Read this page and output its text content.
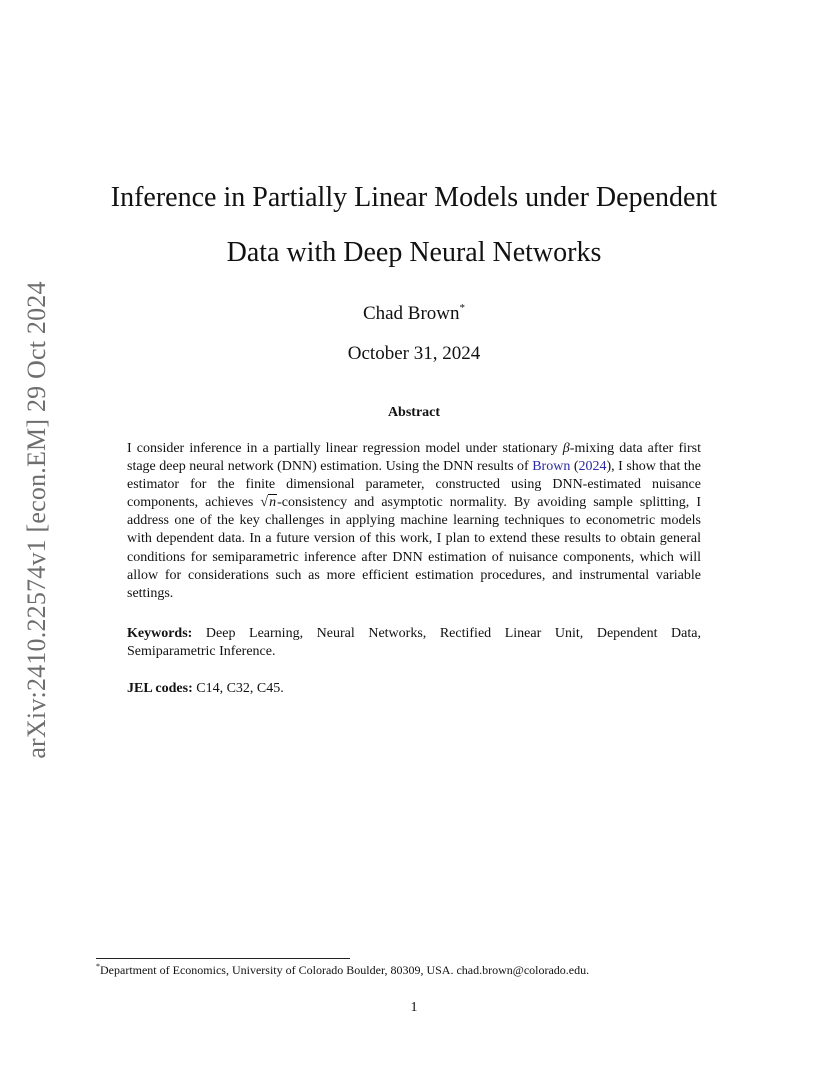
arXiv:2410.22574v1 [econ.EM] 29 Oct 2024
Inference in Partially Linear Models under Dependent Data with Deep Neural Networks
Chad Brown*
October 31, 2024
Abstract

I consider inference in a partially linear regression model under stationary β-mixing data after first stage deep neural network (DNN) estimation. Using the DNN results of Brown (2024), I show that the estimator for the finite dimensional parameter, constructed using DNN-estimated nuisance components, achieves √n-consistency and asymptotic normality. By avoiding sample splitting, I address one of the key challenges in applying machine learning techniques to econometric models with dependent data. In a future version of this work, I plan to extend these results to obtain general conditions for semiparametric inference after DNN estimation of nuisance components, which will allow for considerations such as more efficient estimation procedures, and instrumental variable settings.

Keywords: Deep Learning, Neural Networks, Rectified Linear Unit, Dependent Data, Semiparametric Inference.

JEL codes: C14, C32, C45.

*Department of Economics, University of Colorado Boulder, 80309, USA. chad.brown@colorado.edu.
1
